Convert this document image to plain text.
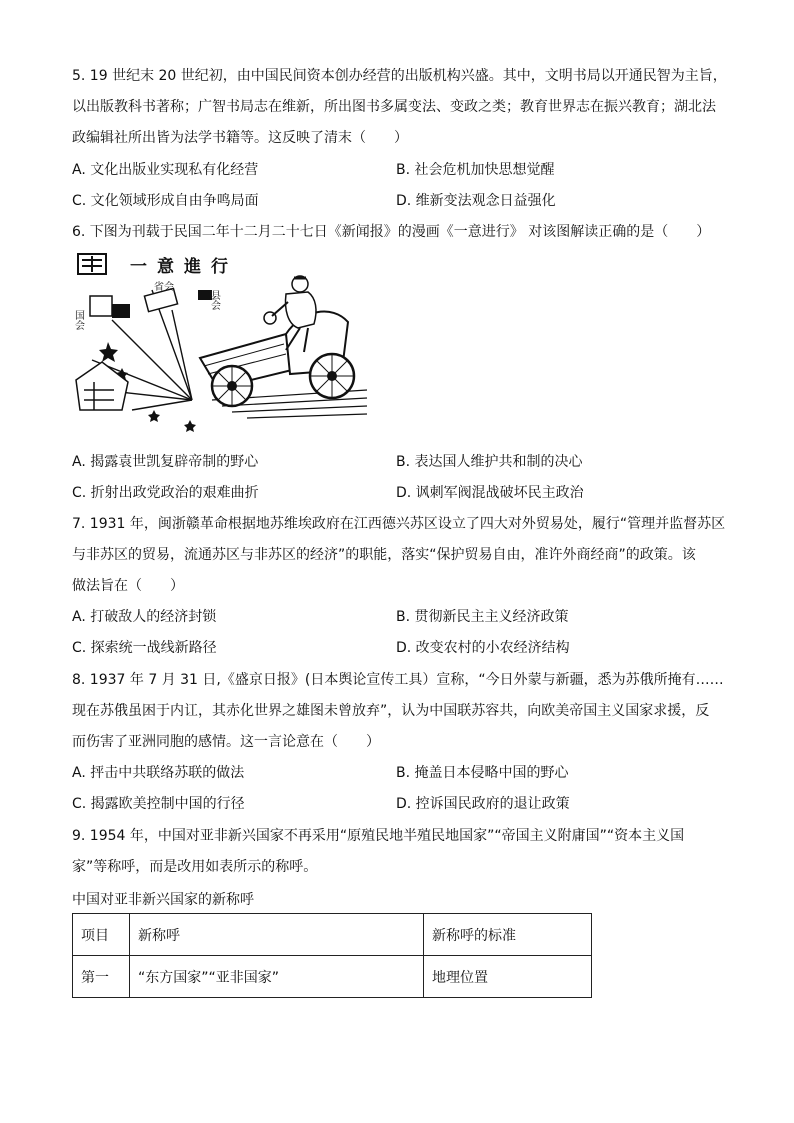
5. 19 世纪末 20 世纪初，由中国民间资本创办经营的出版机构兴盛。其中，文明书局以开通民智为主旨，
以出版教科书著称；广智书局志在维新，所出图书多属变法、变政之类；教育世界志在振兴教育；湖北法
政编辑社所出皆为法学书籍等。这反映了清末（　　）
A. 文化出版业实现私有化经营	B. 社会危机加快思想觉醒
C. 文化领域形成自由争鸣局面	D. 维新变法观念日益强化
6. 下图为刊载于民国二年十二月二十七日《新闻报》的漫画《一意进行》 对该图解读正确的是（　　）
一意進行
国会
省会
县会
A. 揭露袁世凯复辟帝制的野心	B. 表达国人维护共和制的决心
C. 折射出政党政治的艰难曲折	D. 讽刺军阀混战破坏民主政治
7. 1931 年，闽浙赣革命根据地苏维埃政府在江西德兴苏区设立了四大对外贸易处，履行“管理并监督苏区
与非苏区的贸易，流通苏区与非苏区的经济”的职能，落实“保护贸易自由，准许外商经商”的政策。该
做法旨在（　　）
A. 打破敌人的经济封锁	B. 贯彻新民主主义经济政策
C. 探索统一战线新路径	D. 改变农村的小农经济结构
8. 1937 年 7 月 31 日,《盛京日报》(日本舆论宣传工具）宣称，“今日外蒙与新疆，悉为苏俄所掩有……
现在苏俄虽困于内讧，其赤化世界之雄图未曾放弃”，认为中国联苏容共，向欧美帝国主义国家求援，反
而伤害了亚洲同胞的感情。这一言论意在（　　）
A. 抨击中共联络苏联的做法	B. 掩盖日本侵略中国的野心
C. 揭露欧美控制中国的行径	D. 控诉国民政府的退让政策
9. 1954 年，中国对亚非新兴国家不再采用“原殖民地半殖民地国家”“帝国主义附庸国”“资本主义国
家”等称呼，而是改用如表所示的称呼。
中国对亚非新兴国家的新称呼
项目	新称呼	新称呼的标准
第一	“东方国家”“亚非国家”	地理位置
